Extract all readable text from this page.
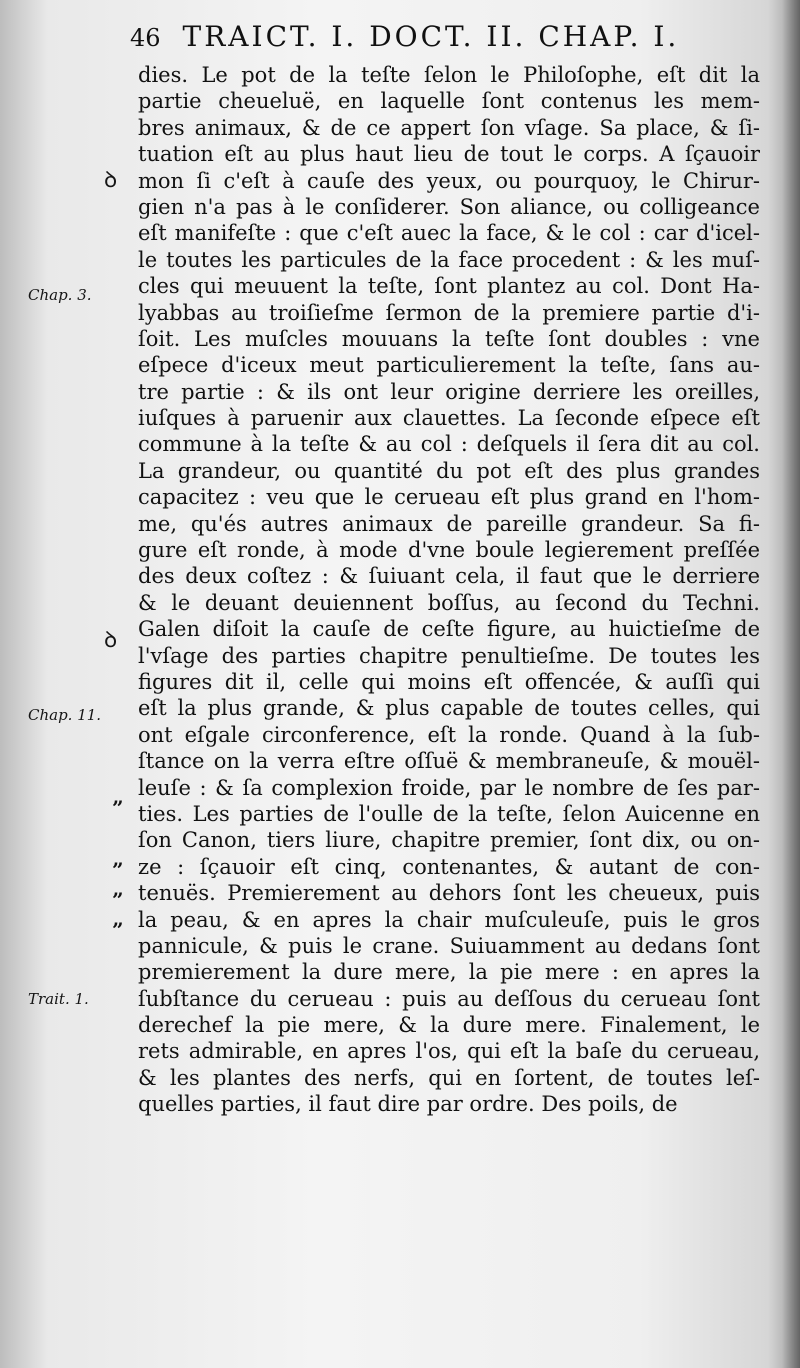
46 TRAICT. I. DOCT. II. CHAP. I.
dies. Le pot de la teſte ſelon le Philoſophe, eſt dit la
partie cheueluë, en laquelle ſont contenus les mem-
bres animaux, & de ce appert ſon vſage. Sa place, & ſi-
tuation eſt au plus haut lieu de tout le corps. A ſçauoir
mon ſi c'eſt à cauſe des yeux, ou pourquoy, le Chirur-
gien n'a pas à le conſiderer. Son aliance, ou colligeance
eſt manifeſte : que c'eſt auec la face, & le col : car d'icel-
le toutes les particules de la face procedent : & les muſ-
cles qui meuuent la teſte, ſont plantez au col. Dont Ha-
lyabbas au troiſieſme ſermon de la premiere partie d'i-
ſoit. Les muſcles mouuans la teſte ſont doubles : vne
eſpece d'iceux meut particulierement la teſte, ſans au-
tre partie : & ils ont leur origine derriere les oreilles,
iuſques à paruenir aux clauettes. La ſeconde eſpece eſt
commune à la teſte & au col : deſquels il ſera dit au col.
La grandeur, ou quantité du pot eſt des plus grandes
capacitez : veu que le cerueau eſt plus grand en l'hom-
me, qu'és autres animaux de pareille grandeur. Sa fi-
gure eſt ronde, à mode d'vne boule legierement preſſée
des deux coſtez : & ſuiuant cela, il faut que le derriere
& le deuant deuiennent boſſus, au ſecond du Techni.
Galen diſoit la cauſe de ceſte figure, au huictieſme de
l'vſage des parties chapitre penultieſme. De toutes les
figures dit il, celle qui moins eſt offencée, & auſſi qui
eſt la plus grande, & plus capable de toutes celles, qui
ont eſgale circonference, eſt la ronde. Quand à la ſub-
ſtance on la verra eſtre oſſuë & membraneuſe, & mouël-
leuſe : & ſa complexion froide, par le nombre de ſes par-
ties. Les parties de l'oulle de la teſte, ſelon Auicenne en
ſon Canon, tiers liure, chapitre premier, ſont dix, ou on-
ze : ſçauoir eſt cinq, contenantes, & autant de con-
tenuës. Premierement au dehors ſont les cheueux, puis
la peau, & en apres la chair muſculeuſe, puis le gros
pannicule, & puis le crane. Suiuamment au dedans ſont
premierement la dure mere, la pie mere : en apres la
ſubſtance du cerueau : puis au deſſous du cerueau ſont
derechef la pie mere, & la dure mere. Finalement, le
rets admirable, en apres l'os, qui eſt la baſe du cerueau,
& les plantes des nerfs, qui en ſortent, de toutes leſ-
quelles parties, il faut dire par ordre. Des poils, de
ꝺ
ꝺ
Chap. 3.
Chap. 11.
Trait. 1.
”
”
”
”
